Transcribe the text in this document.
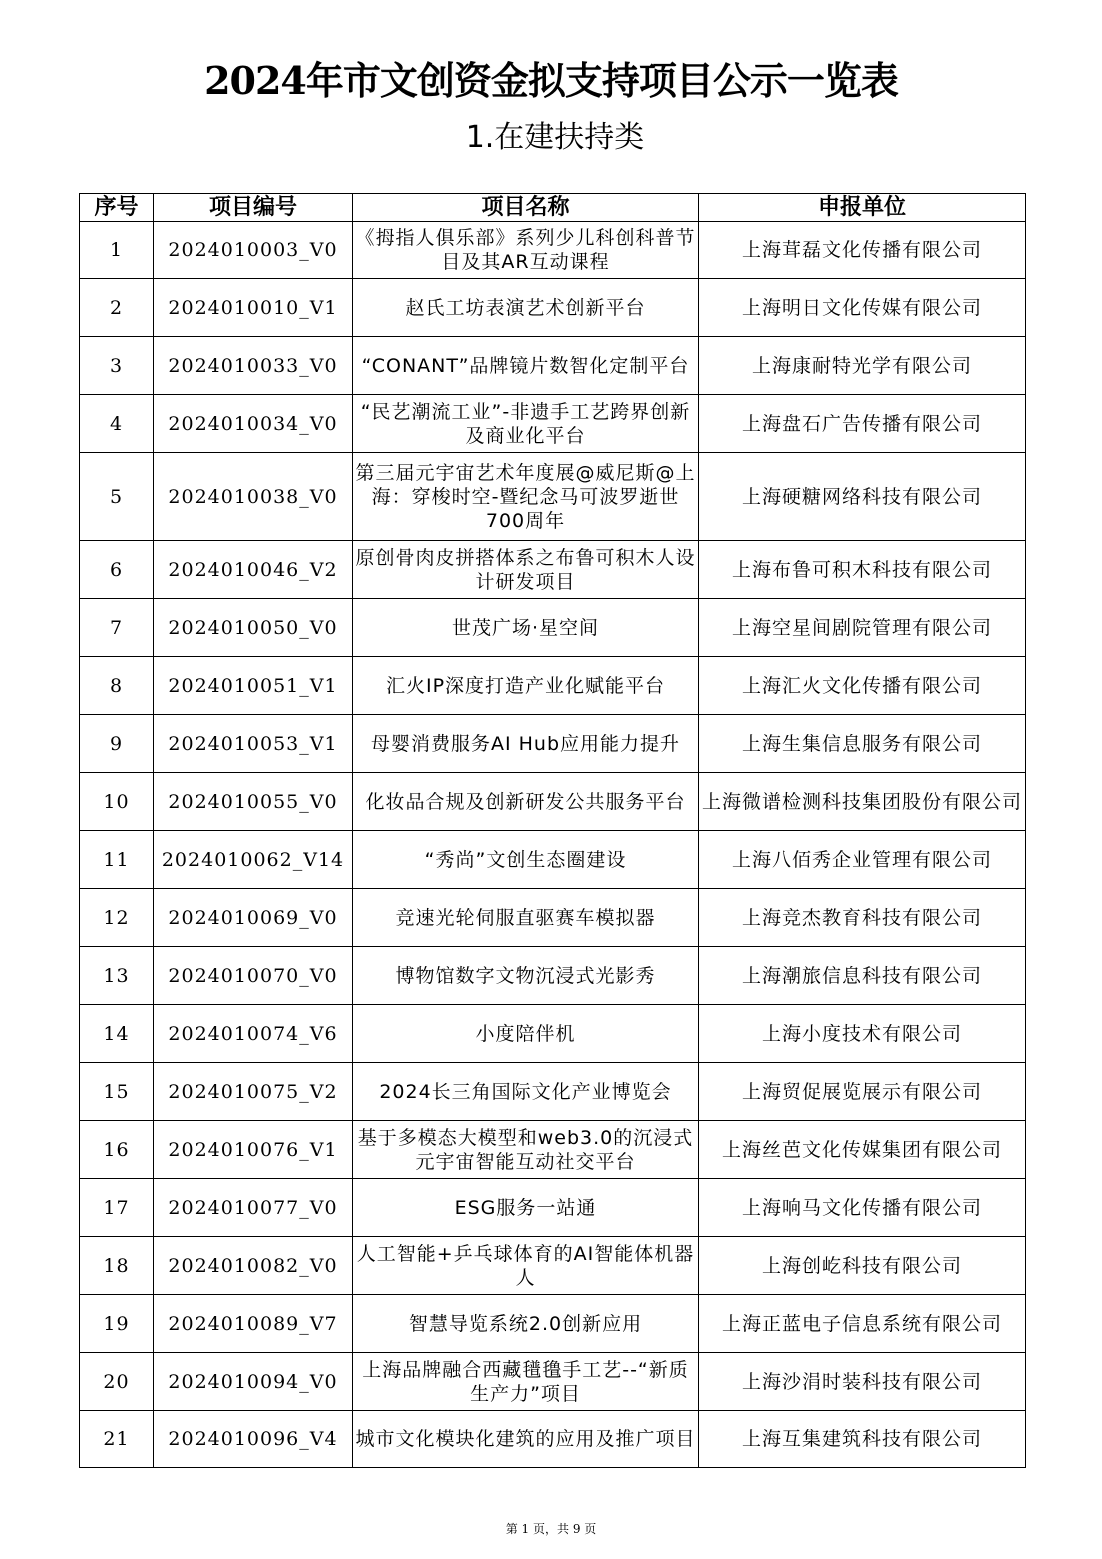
2024年市文创资金拟支持项目公示一览表
1.在建扶持类
序号	项目编号	项目名称	申报单位
1	2024010003_V0	《拇指人俱乐部》系列少儿科创科普节目及其AR互动课程	上海茸磊文化传播有限公司
2	2024010010_V1	赵氏工坊表演艺术创新平台	上海明日文化传媒有限公司
3	2024010033_V0	“CONANT”品牌镜片数智化定制平台	上海康耐特光学有限公司
4	2024010034_V0	“民艺潮流工业”-非遗手工艺跨界创新及商业化平台	上海盘石广告传播有限公司
5	2024010038_V0	第三届元宇宙艺术年度展@威尼斯@上海：穿梭时空-暨纪念马可波罗逝世700周年	上海硬糖网络科技有限公司
6	2024010046_V2	原创骨肉皮拼搭体系之布鲁可积木人设计研发项目	上海布鲁可积木科技有限公司
7	2024010050_V0	世茂广场·星空间	上海空星间剧院管理有限公司
8	2024010051_V1	汇火IP深度打造产业化赋能平台	上海汇火文化传播有限公司
9	2024010053_V1	母婴消费服务AI Hub应用能力提升	上海生集信息服务有限公司
10	2024010055_V0	化妆品合规及创新研发公共服务平台	上海微谱检测科技集团股份有限公司
11	2024010062_V14	“秀尚”文创生态圈建设	上海八佰秀企业管理有限公司
12	2024010069_V0	竞速光轮伺服直驱赛车模拟器	上海竞杰教育科技有限公司
13	2024010070_V0	博物馆数字文物沉浸式光影秀	上海潮旅信息科技有限公司
14	2024010074_V6	小度陪伴机	上海小度技术有限公司
15	2024010075_V2	2024长三角国际文化产业博览会	上海贸促展览展示有限公司
16	2024010076_V1	基于多模态大模型和web3.0的沉浸式元宇宙智能互动社交平台	上海丝芭文化传媒集团有限公司
17	2024010077_V0	ESG服务一站通	上海响马文化传播有限公司
18	2024010082_V0	人工智能+乒乓球体育的AI智能体机器人	上海创屹科技有限公司
19	2024010089_V7	智慧导览系统2.0创新应用	上海正蓝电子信息系统有限公司
20	2024010094_V0	上海品牌融合西藏氆氇手工艺--“新质生产力”项目	上海沙涓时装科技有限公司
21	2024010096_V4	城市文化模块化建筑的应用及推广项目	上海互集建筑科技有限公司
第 1 页，共 9 页
